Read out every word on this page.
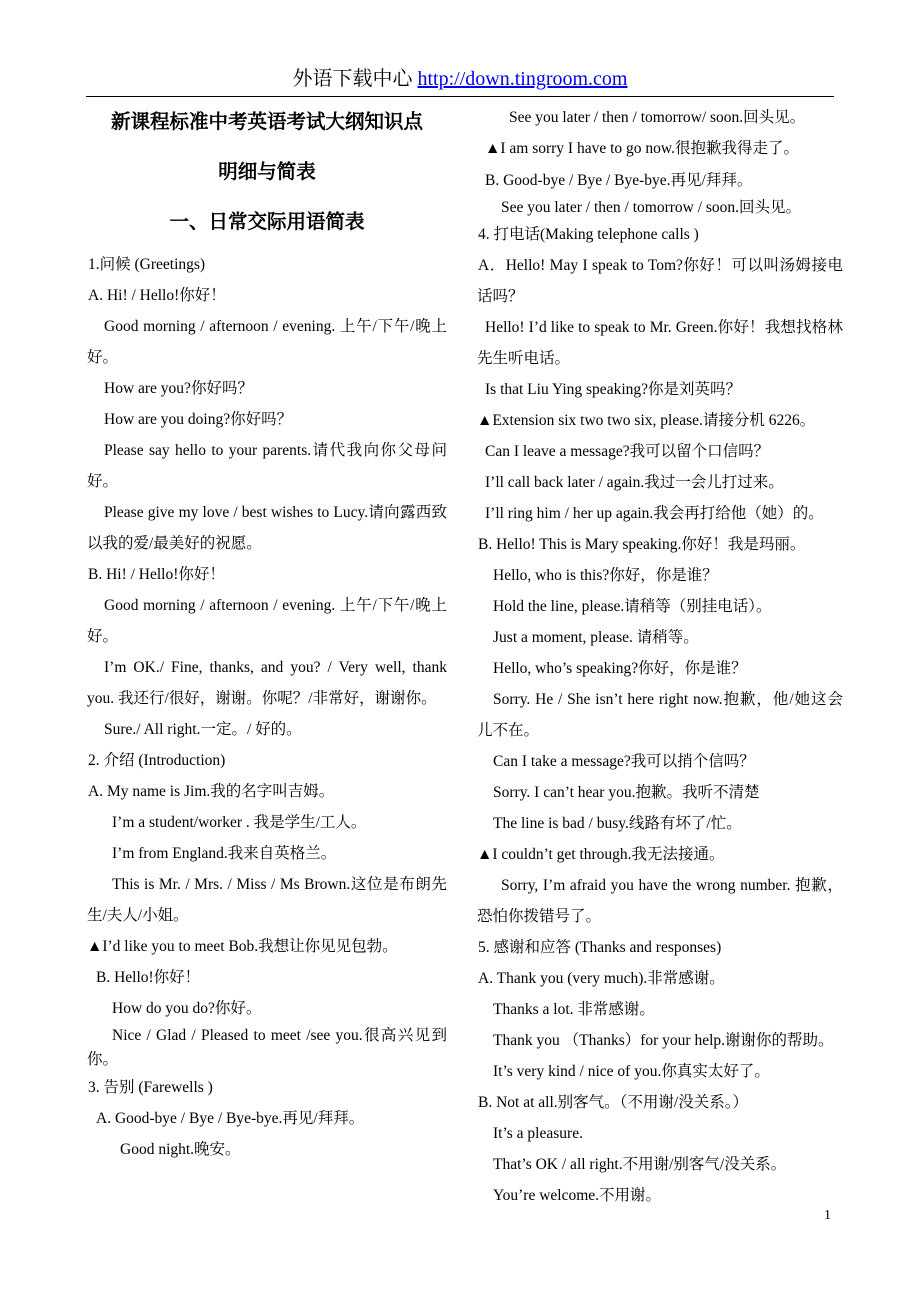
外语下载中心 http://down.tingroom.com
新课程标准中考英语考试大纲知识点
明细与简表
一、日常交际用语简表
1.问候 (Greetings)
A. Hi! / Hello!你好！
Good morning / afternoon / evening. 上午/下午/晚上好。
How are you?你好吗？
How are you doing?你好吗？
Please say hello to your parents.请代我向你父母问好。
Please give my love / best wishes to Lucy.请向露西致以我的爱/最美好的祝愿。
B. Hi! / Hello!你好！
Good morning / afternoon / evening. 上午/下午/晚上好。
I’m OK./ Fine, thanks, and you? / Very well, thank you. 我还行/很好，谢谢。你呢？/非常好，谢谢你。
Sure./ All right.一定。/ 好的。
2. 介绍 (Introduction)
A. My name is Jim.我的名字叫吉姆。
I’m a student/worker . 我是学生/工人。
I’m from England.我来自英格兰。
This is Mr. / Mrs. / Miss / Ms Brown.这位是布朗先生/夫人/小姐。
▲I’d like you to meet Bob.我想让你见见包勃。
B. Hello!你好！
How do you do?你好。
Nice / Glad / Pleased to meet /see you.很高兴见到你。
3. 告别 (Farewells )
A. Good-bye / Bye / Bye-bye.再见/拜拜。
Good night.晚安。
See you later / then / tomorrow/ soon.回头见。
▲I am sorry I have to go now.很抱歉我得走了。
B. Good-bye / Bye / Bye-bye.再见/拜拜。
See you later / then / tomorrow / soon.回头见。
4. 打电话(Making telephone calls )
A．Hello! May I speak to Tom?你好！可以叫汤姆接电话吗？
Hello! I’d like to speak to Mr. Green.你好！我想找格林先生听电话。
Is that Liu Ying speaking?你是刘英吗？
▲Extension six two two six, please.请接分机 6226。
Can I leave a message?我可以留个口信吗？
I’ll call back later / again.我过一会儿打过来。
I’ll ring him / her up again.我会再打给他（她）的。
B. Hello! This is Mary speaking.你好！我是玛丽。
Hello, who is this?你好，你是谁？
Hold the line, please.请稍等（别挂电话）。
Just a moment, please. 请稍等。
Hello, who’s speaking?你好，你是谁？
Sorry. He / She isn’t here right now.抱歉，他/她这会儿不在。
Can I take a message?我可以捎个信吗？
Sorry. I can’t hear you.抱歉。我听不清楚
The line is bad / busy.线路有坏了/忙。
▲I couldn’t get through.我无法接通。
Sorry, I’m afraid you have the wrong number. 抱歉，恐怕你拨错号了。
5. 感谢和应答 (Thanks and responses)
A. Thank you (very much).非常感谢。
Thanks a lot. 非常感谢。
Thank you （Thanks）for your help.谢谢你的帮助。
It’s very kind / nice of you.你真实太好了。
B. Not at all.别客气。（不用谢/没关系。）
It’s a pleasure.
That’s OK / all right.不用谢/别客气/没关系。
You’re welcome.不用谢。
1
